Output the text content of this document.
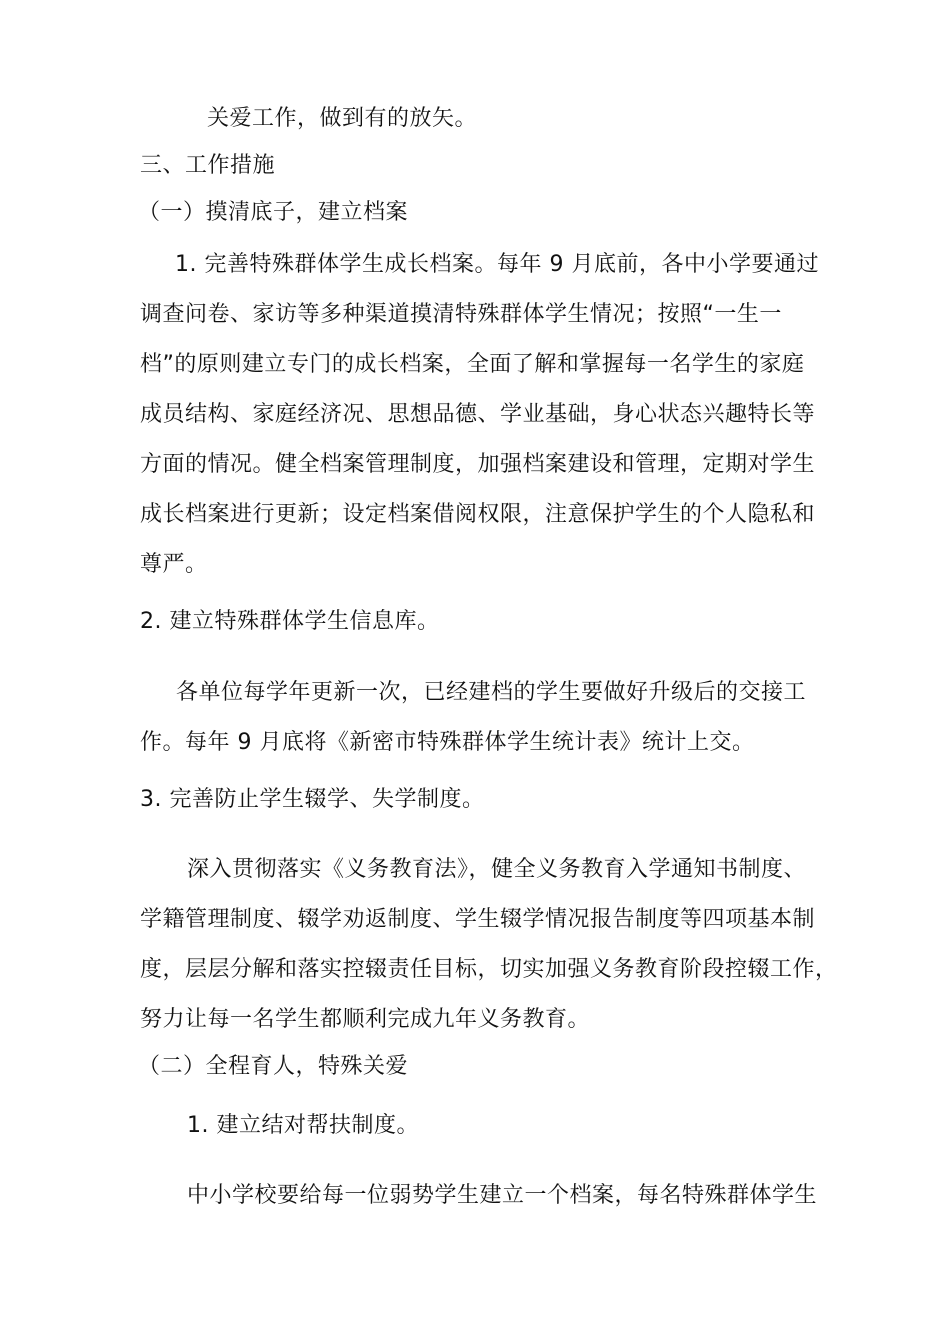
关爱工作，做到有的放矢。
三、工作措施
（一）摸清底子，建立档案
1. 完善特殊群体学生成长档案。每年 9 月底前，各中小学要通过
调查问卷、家访等多种渠道摸清特殊群体学生情况；按照“一生一
档”的原则建立专门的成长档案，全面了解和掌握每一名学生的家庭
成员结构、家庭经济况、思想品德、学业基础，身心状态兴趣特长等
方面的情况。健全档案管理制度，加强档案建设和管理，定期对学生
成长档案进行更新；设定档案借阅权限，注意保护学生的个人隐私和
尊严。
2. 建立特殊群体学生信息库。
各单位每学年更新一次，已经建档的学生要做好升级后的交接工
作。每年 9 月底将《新密市特殊群体学生统计表》统计上交。
3. 完善防止学生辍学、失学制度。
深入贯彻落实《义务教育法》，健全义务教育入学通知书制度、
学籍管理制度、辍学劝返制度、学生辍学情况报告制度等四项基本制
度，层层分解和落实控辍责任目标，切实加强义务教育阶段控辍工作，
努力让每一名学生都顺利完成九年义务教育。
（二）全程育人，特殊关爱
1. 建立结对帮扶制度。
中小学校要给每一位弱势学生建立一个档案，每名特殊群体学生
